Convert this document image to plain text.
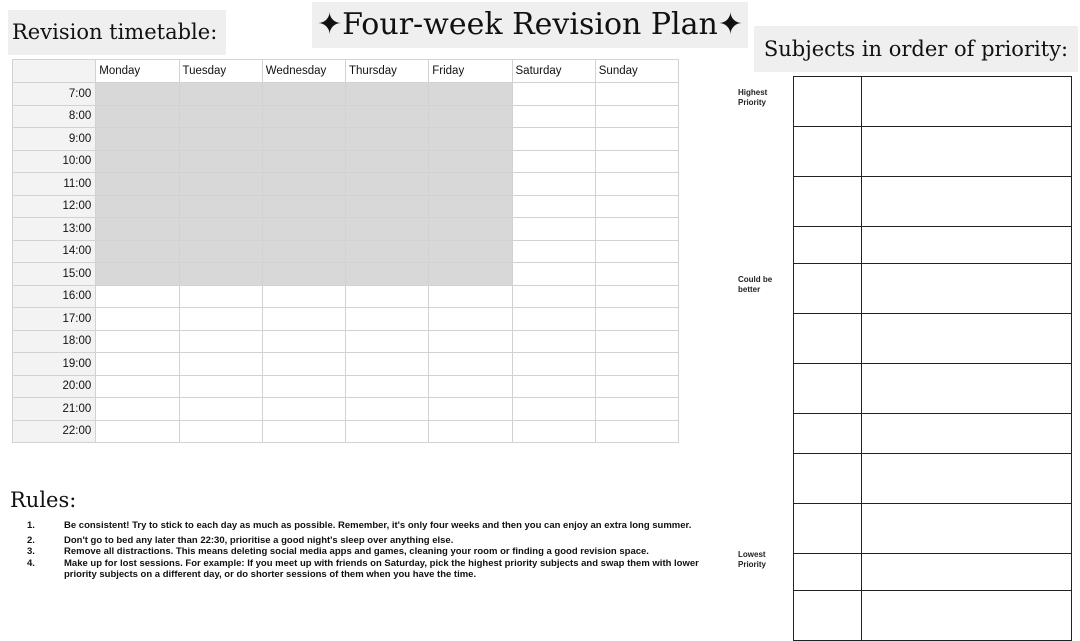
Revision timetable:	✦Four-week Revision Plan✦
Subjects in order of priority:
	Monday	Tuesday	Wednesday	Thursday	Friday	Saturday	Sunday
7:00							
8:00							
9:00							
10:00							
11:00							
12:00							
13:00							
14:00							
15:00							
16:00							
17:00							
18:00							
19:00							
20:00							
21:00							
22:00							
Highest Priority
Could be better
Lowest Priority

Rules:
1.	Be consistent! Try to stick to each day as much as possible. Remember, it's only four weeks and then you can enjoy an extra long summer.
2.	Don't go to bed any later than 22:30, prioritise a good night's sleep over anything else.
3.	Remove all distractions. This means deleting social media apps and games, cleaning your room or finding a good revision space.
4.	Make up for lost sessions. For example: If you meet up with friends on Saturday, pick the highest priority subjects and swap them with lower priority subjects on a different day, or do shorter sessions of them when you have the time.
